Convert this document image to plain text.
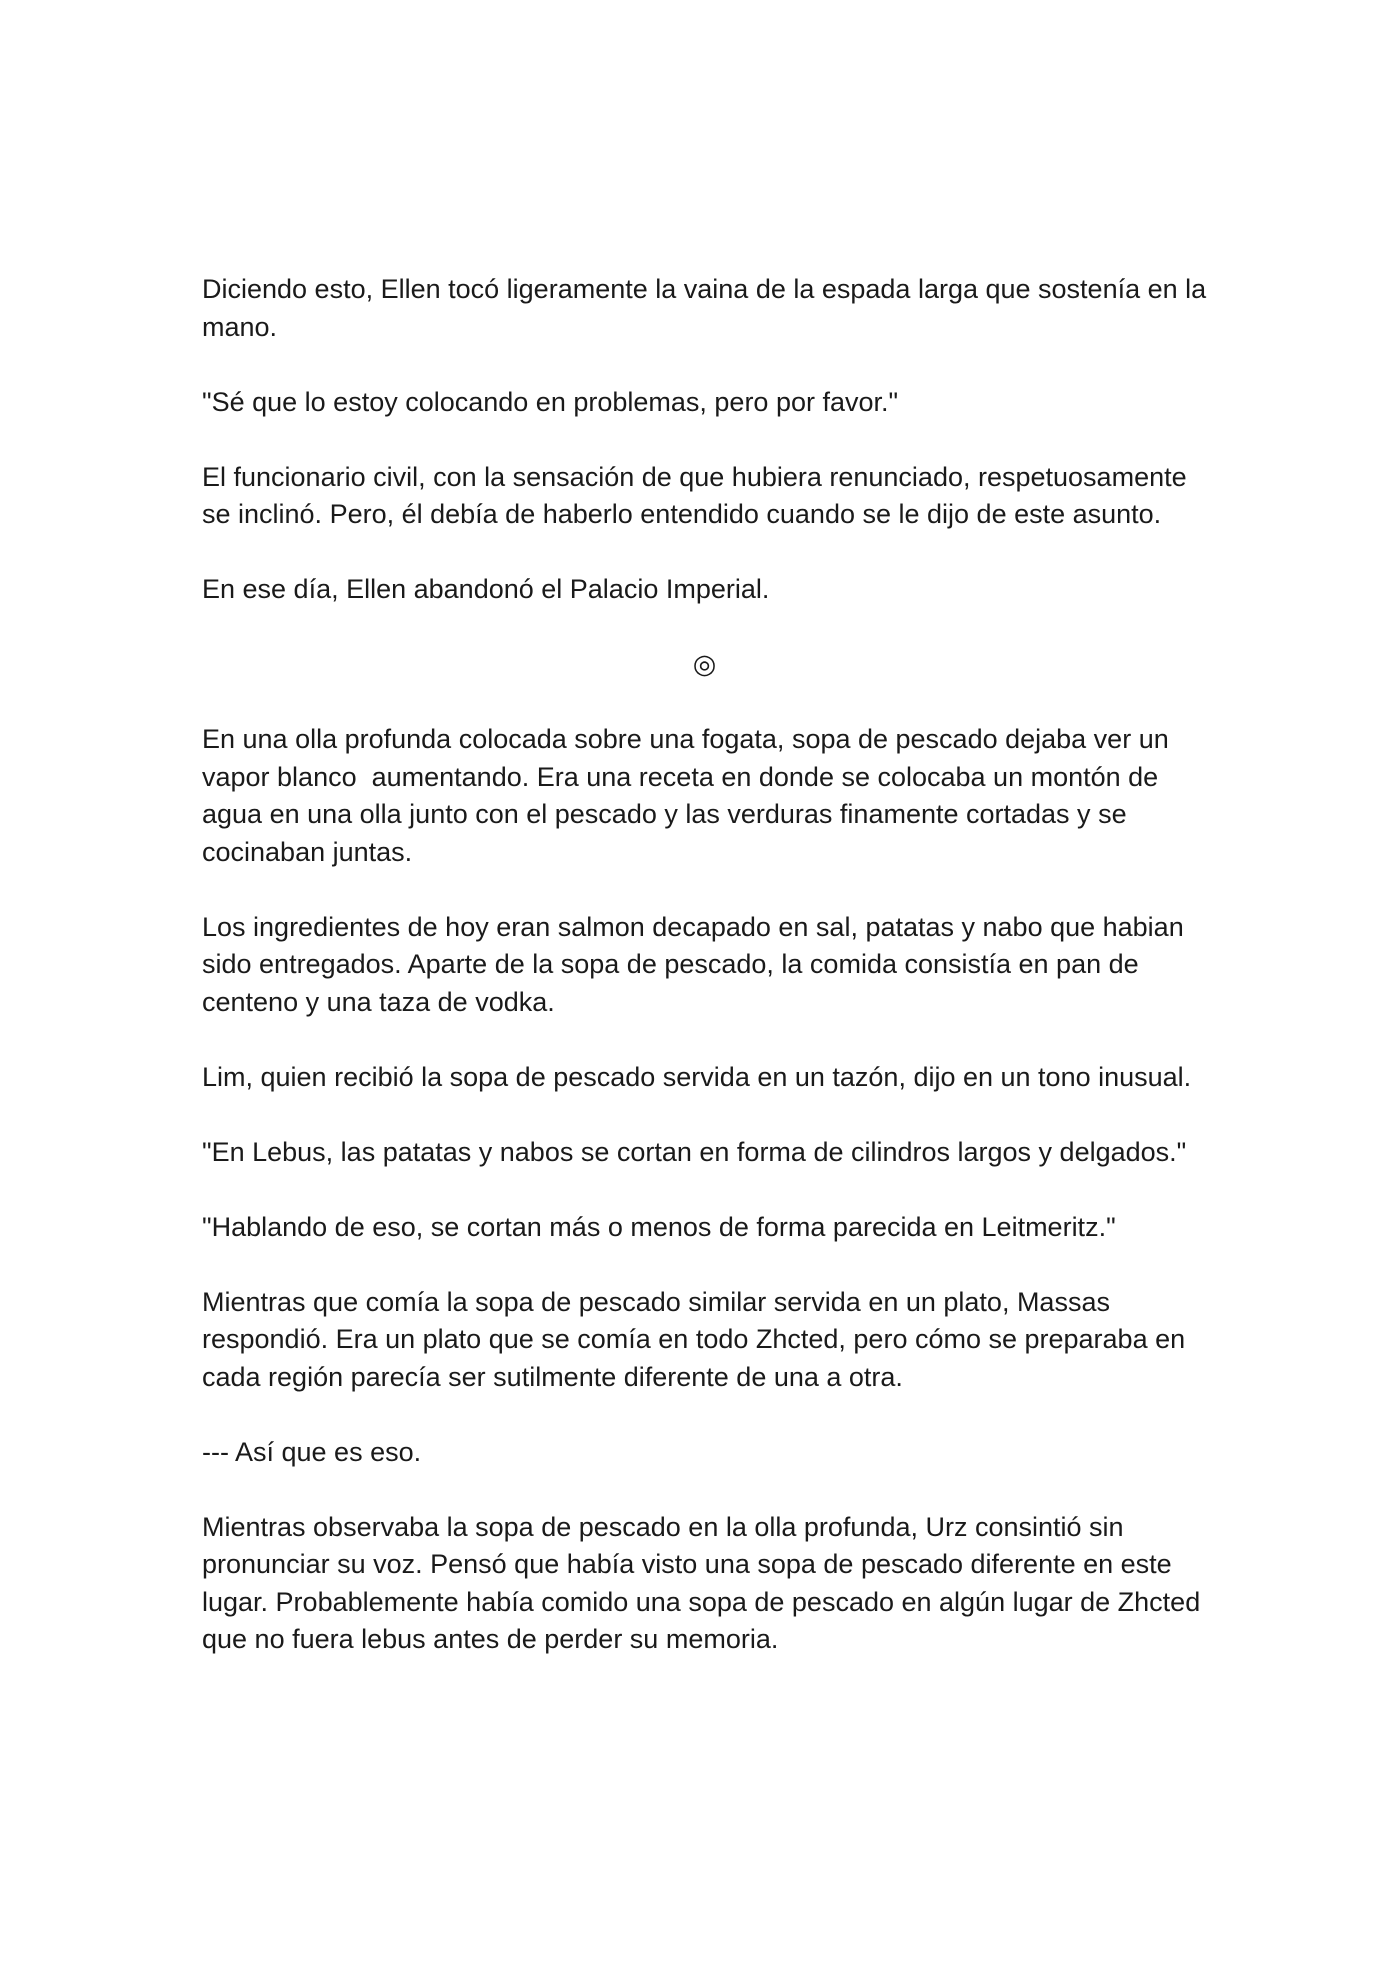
Diciendo esto, Ellen tocó ligeramente la vaina de la espada larga que sostenía en la mano.

"Sé que lo estoy colocando en problemas, pero por favor."

El funcionario civil, con la sensación de que hubiera renunciado, respetuosamente se inclinó. Pero, él debía de haberlo entendido cuando se le dijo de este asunto.

En ese día, Ellen abandonó el Palacio Imperial.

◎

En una olla profunda colocada sobre una fogata, sopa de pescado dejaba ver un vapor blanco  aumentando. Era una receta en donde se colocaba un montón de agua en una olla junto con el pescado y las verduras finamente cortadas y se cocinaban juntas.

Los ingredientes de hoy eran salmon decapado en sal, patatas y nabo que habian sido entregados. Aparte de la sopa de pescado, la comida consistía en pan de centeno y una taza de vodka.

Lim, quien recibió la sopa de pescado servida en un tazón, dijo en un tono inusual.

"En Lebus, las patatas y nabos se cortan en forma de cilindros largos y delgados."

"Hablando de eso, se cortan más o menos de forma parecida en Leitmeritz."

Mientras que comía la sopa de pescado similar servida en un plato, Massas respondió. Era un plato que se comía en todo Zhcted, pero cómo se preparaba en cada región parecía ser sutilmente diferente de una a otra.

--- Así que es eso.

Mientras observaba la sopa de pescado en la olla profunda, Urz consintió sin pronunciar su voz. Pensó que había visto una sopa de pescado diferente en este lugar. Probablemente había comido una sopa de pescado en algún lugar de Zhcted que no fuera lebus antes de perder su memoria.
